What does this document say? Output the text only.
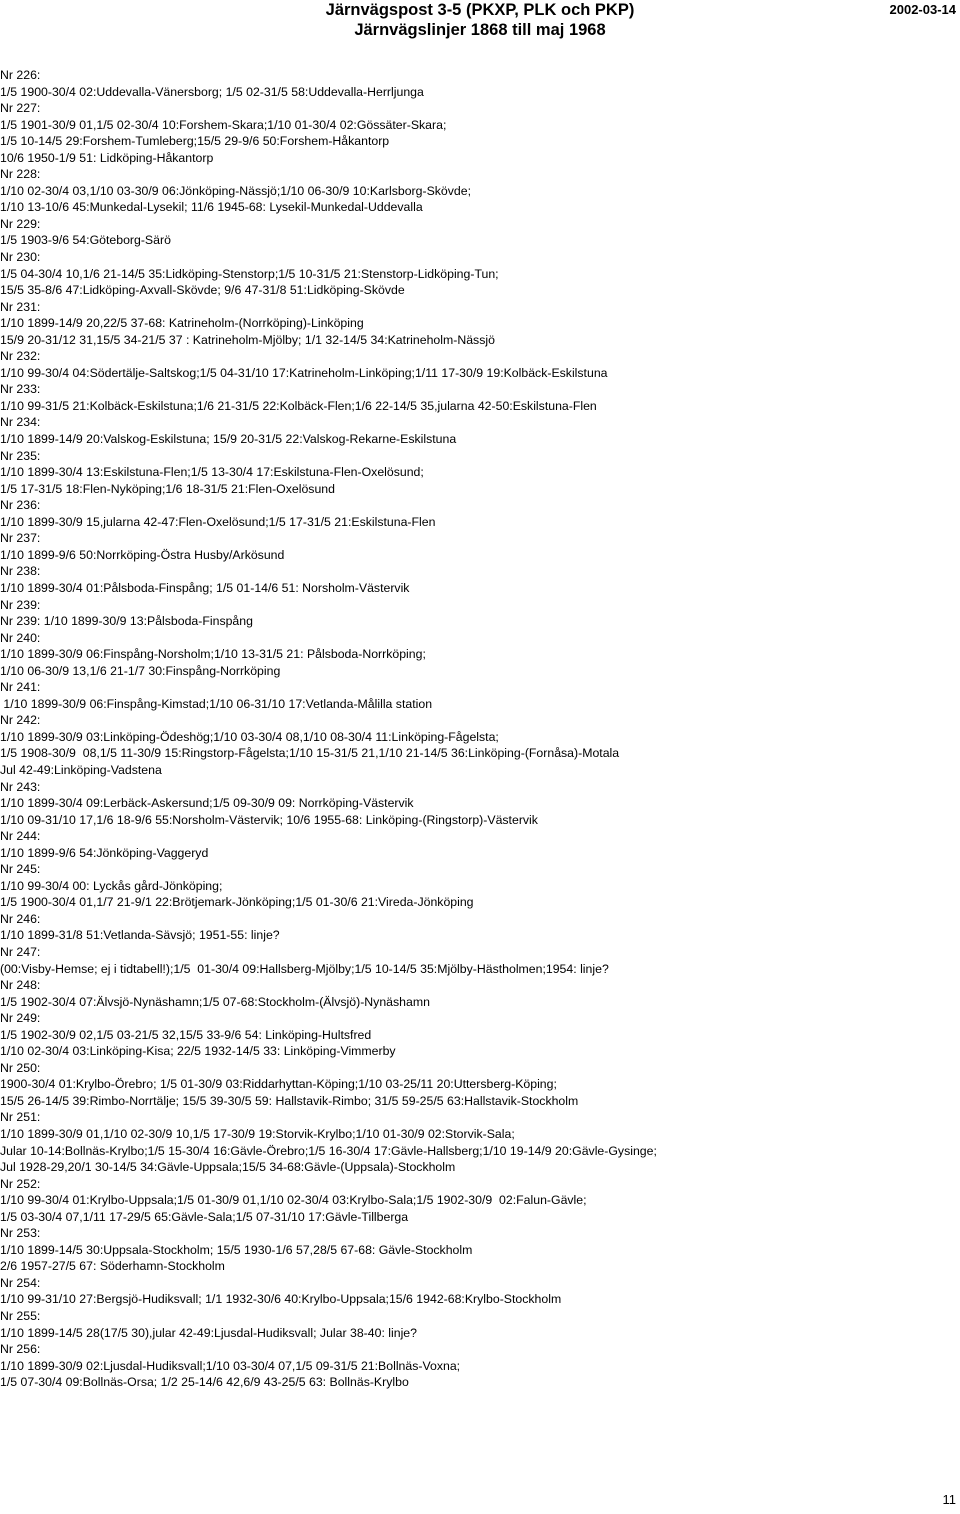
Järnvägspost 3-5 (PKXP, PLK och PKP)
Järnvägslinjer 1868 till maj 1968
2002-03-14
Nr 226:
1/5 1900-30/4 02:Uddevalla-Vänersborg; 1/5 02-31/5 58:Uddevalla-Herrljunga
Nr 227:
1/5 1901-30/9 01,1/5 02-30/4 10:Forshem-Skara;1/10 01-30/4 02:Gössäter-Skara;
1/5 10-14/5 29:Forshem-Tumleberg;15/5 29-9/6 50:Forshem-Håkantorp
10/6 1950-1/9 51: Lidköping-Håkantorp
Nr 228:
1/10 02-30/4 03,1/10 03-30/9 06:Jönköping-Nässjö;1/10 06-30/9 10:Karlsborg-Skövde;
1/10 13-10/6 45:Munkedal-Lysekil; 11/6 1945-68: Lysekil-Munkedal-Uddevalla
Nr 229:
1/5 1903-9/6 54:Göteborg-Särö
Nr 230:
1/5 04-30/4 10,1/6 21-14/5 35:Lidköping-Stenstorp;1/5 10-31/5 21:Stenstorp-Lidköping-Tun;
15/5 35-8/6 47:Lidköping-Axvall-Skövde; 9/6 47-31/8 51:Lidköping-Skövde
Nr 231:
1/10 1899-14/9 20,22/5 37-68: Katrineholm-(Norrköping)-Linköping
15/9 20-31/12 31,15/5 34-21/5 37 : Katrineholm-Mjölby; 1/1 32-14/5 34:Katrineholm-Nässjö
Nr 232:
1/10 99-30/4 04:Södertälje-Saltskog;1/5 04-31/10 17:Katrineholm-Linköping;1/11 17-30/9 19:Kolbäck-Eskilstuna
Nr 233:
1/10 99-31/5 21:Kolbäck-Eskilstuna;1/6 21-31/5 22:Kolbäck-Flen;1/6 22-14/5 35,jularna 42-50:Eskilstuna-Flen
Nr 234:
1/10 1899-14/9 20:Valskog-Eskilstuna; 15/9 20-31/5 22:Valskog-Rekarne-Eskilstuna
Nr 235:
1/10 1899-30/4 13:Eskilstuna-Flen;1/5 13-30/4 17:Eskilstuna-Flen-Oxelösund;
1/5 17-31/5 18:Flen-Nyköping;1/6 18-31/5 21:Flen-Oxelösund
Nr 236:
1/10 1899-30/9 15,jularna 42-47:Flen-Oxelösund;1/5 17-31/5 21:Eskilstuna-Flen
Nr 237:
1/10 1899-9/6 50:Norrköping-Östra Husby/Arkösund
Nr 238:
1/10 1899-30/4 01:Pålsboda-Finspång; 1/5 01-14/6 51: Norsholm-Västervik
Nr 239:
Nr 239: 1/10 1899-30/9 13:Pålsboda-Finspång
Nr 240:
1/10 1899-30/9 06:Finspång-Norsholm;1/10 13-31/5 21: Pålsboda-Norrköping;
1/10 06-30/9 13,1/6 21-1/7 30:Finspång-Norrköping
Nr 241:
1/10 1899-30/9 06:Finspång-Kimstad;1/10 06-31/10 17:Vetlanda-Målilla station
Nr 242:
1/10 1899-30/9 03:Linköping-Ödeshög;1/10 03-30/4 08,1/10 08-30/4 11:Linköping-Fågelsta;
1/5 1908-30/9  08,1/5 11-30/9 15:Ringstorp-Fågelsta;1/10 15-31/5 21,1/10 21-14/5 36:Linköping-(Fornåsa)-Motala
Jul 42-49:Linköping-Vadstena
Nr 243:
1/10 1899-30/4 09:Lerbäck-Askersund;1/5 09-30/9 09: Norrköping-Västervik
1/10 09-31/10 17,1/6 18-9/6 55:Norsholm-Västervik; 10/6 1955-68: Linköping-(Ringstorp)-Västervik
Nr 244:
1/10 1899-9/6 54:Jönköping-Vaggeryd
Nr 245:
1/10 99-30/4 00: Lyckås gård-Jönköping;
1/5 1900-30/4 01,1/7 21-9/1 22:Brötjemark-Jönköping;1/5 01-30/6 21:Vireda-Jönköping
Nr 246:
1/10 1899-31/8 51:Vetlanda-Sävsjö; 1951-55: linje?
Nr 247:
(00:Visby-Hemse; ej i tidtabell!);1/5  01-30/4 09:Hallsberg-Mjölby;1/5 10-14/5 35:Mjölby-Hästholmen;1954: linje?
Nr 248:
1/5 1902-30/4 07:Älvsjö-Nynäshamn;1/5 07-68:Stockholm-(Älvsjö)-Nynäshamn
Nr 249:
1/5 1902-30/9 02,1/5 03-21/5 32,15/5 33-9/6 54: Linköping-Hultsfred
1/10 02-30/4 03:Linköping-Kisa; 22/5 1932-14/5 33: Linköping-Vimmerby
Nr 250:
1900-30/4 01:Krylbo-Örebro; 1/5 01-30/9 03:Riddarhyttan-Köping;1/10 03-25/11 20:Uttersberg-Köping;
15/5 26-14/5 39:Rimbo-Norrtälje; 15/5 39-30/5 59: Hallstavik-Rimbo; 31/5 59-25/5 63:Hallstavik-Stockholm
Nr 251:
1/10 1899-30/9 01,1/10 02-30/9 10,1/5 17-30/9 19:Storvik-Krylbo;1/10 01-30/9 02:Storvik-Sala;
Jular 10-14:Bollnäs-Krylbo;1/5 15-30/4 16:Gävle-Örebro;1/5 16-30/4 17:Gävle-Hallsberg;1/10 19-14/9 20:Gävle-Gysinge;
Jul 1928-29,20/1 30-14/5 34:Gävle-Uppsala;15/5 34-68:Gävle-(Uppsala)-Stockholm
Nr 252:
1/10 99-30/4 01:Krylbo-Uppsala;1/5 01-30/9 01,1/10 02-30/4 03:Krylbo-Sala;1/5 1902-30/9  02:Falun-Gävle;
1/5 03-30/4 07,1/11 17-29/5 65:Gävle-Sala;1/5 07-31/10 17:Gävle-Tillberga
Nr 253:
1/10 1899-14/5 30:Uppsala-Stockholm; 15/5 1930-1/6 57,28/5 67-68: Gävle-Stockholm
2/6 1957-27/5 67: Söderhamn-Stockholm
Nr 254:
1/10 99-31/10 27:Bergsjö-Hudiksvall; 1/1 1932-30/6 40:Krylbo-Uppsala;15/6 1942-68:Krylbo-Stockholm
Nr 255:
1/10 1899-14/5 28(17/5 30),jular 42-49:Ljusdal-Hudiksvall; Jular 38-40: linje?
Nr 256:
1/10 1899-30/9 02:Ljusdal-Hudiksvall;1/10 03-30/4 07,1/5 09-31/5 21:Bollnäs-Voxna;
1/5 07-30/4 09:Bollnäs-Orsa; 1/2 25-14/6 42,6/9 43-25/5 63: Bollnäs-Krylbo
11
